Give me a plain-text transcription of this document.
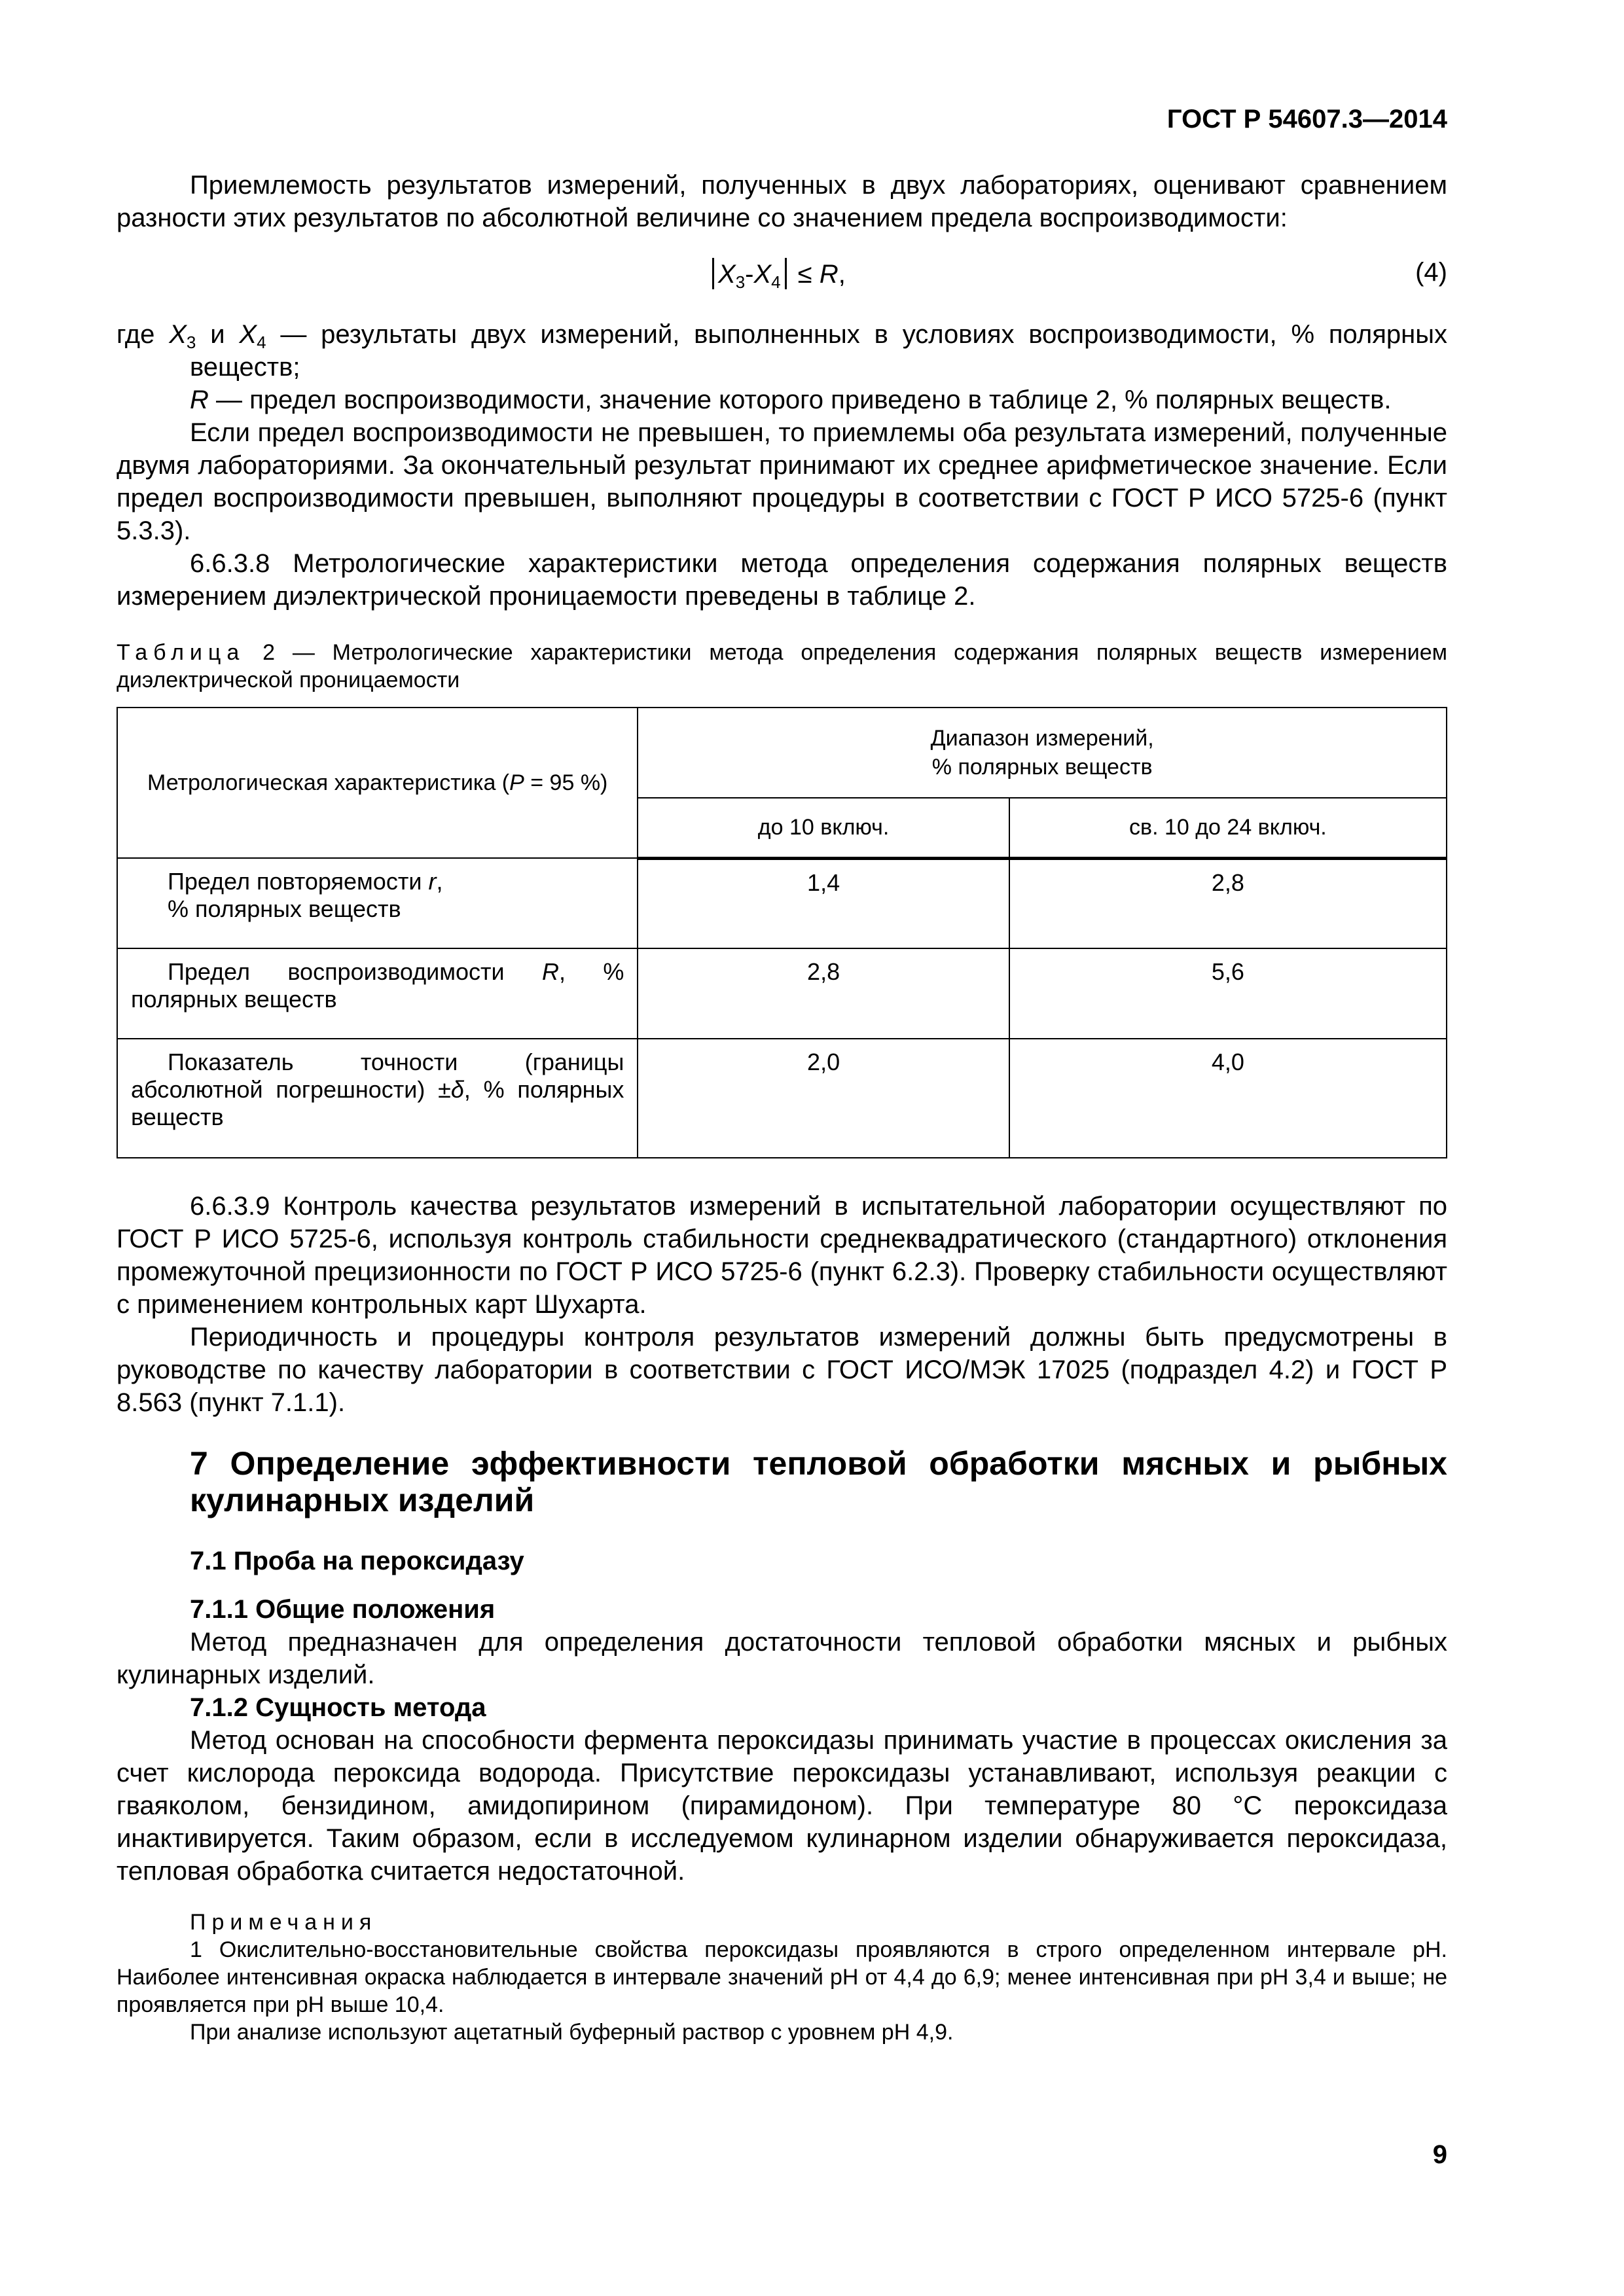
ГОСТ Р 54607.3—2014

Приемлемость результатов измерений, полученных в двух лабораториях, оценивают сравнением разности этих результатов по абсолютной величине со значением предела воспроизводимости:

$X_3-X_4 \le R$,	(4)

где $X_3$ и $X_4$ — результаты двух измерений, выполненных в условиях воспроизводимости, % полярных веществ;

R — предел воспроизводимости, значение которого приведено в таблице 2, % полярных веществ.

Если предел воспроизводимости не превышен, то приемлемы оба результата измерений, полученные двумя лабораториями. За окончательный результат принимают их среднее арифметическое значение. Если предел воспроизводимости превышен, выполняют процедуры в соответствии с ГОСТ Р ИСО 5725-6 (пункт 5.3.3).

6.6.3.8 Метрологические характеристики метода определения содержания полярных веществ измерением диэлектрической проницаемости преведены в таблице 2.

Таблица 2 — Метрологические характеристики метода определения содержания полярных веществ измерением диэлектрической проницаемости

Метрологическая характеристика (P = 95 %)	Диапазон измерений,
% полярных веществ	

	до 10 включ.	св. 10 до 24 включ.

Предел повторяемости r,
% полярных веществ	1,4	2,8
Предел воспроизводимости R, % полярных веществ	2,8	5,6
Показатель точности (границы абсолютной погрешности) ±δ, % полярных веществ	2,0	4,0

6.6.3.9 Контроль качества результатов измерений в испытательной лаборатории осуществляют по ГОСТ Р ИСО 5725-6, используя контроль стабильности среднеквадратического (стандартного) отклонения промежуточной прецизионности по ГОСТ Р ИСО 5725-6 (пункт 6.2.3). Проверку стабильности осуществляют с применением контрольных карт Шухарта.

Периодичность и процедуры контроля результатов измерений должны быть предусмотрены в руководстве по качеству лаборатории в соответствии с ГОСТ ИСО/МЭК 17025 (подраздел 4.2) и ГОСТ Р 8.563 (пункт 7.1.1).

7 Определение эффективности тепловой обработки мясных и рыбных кулинарных изделий
7.1 Проба на пероксидазу
7.1.1 Общие положения

Метод предназначен для определения достаточности тепловой обработки мясных и рыбных кулинарных изделий.

7.1.2 Сущность метода

Метод основан на способности фермента пероксидазы принимать участие в процессах окисления за счет кислорода пероксида водорода. Присутствие пероксидазы устанавливают, используя реакции с гваяколом, бензидином, амидопирином (пирамидоном). При температуре 80 °C пероксидаза инактивируется. Таким образом, если в исследуемом кулинарном изделии обнаруживается пероксидаза, тепловая обработка считается недостаточной.

Примечания

1 Окислительно-восстановительные свойства пероксидазы проявляются в строго определенном интервале рН. Наиболее интенсивная окраска наблюдается в интервале значений рН от 4,4 до 6,9; менее интенсивная при рН 3,4 и выше; не проявляется при рН выше 10,4.

При анализе используют ацетатный буферный раствор с уровнем рН 4,9.

9
